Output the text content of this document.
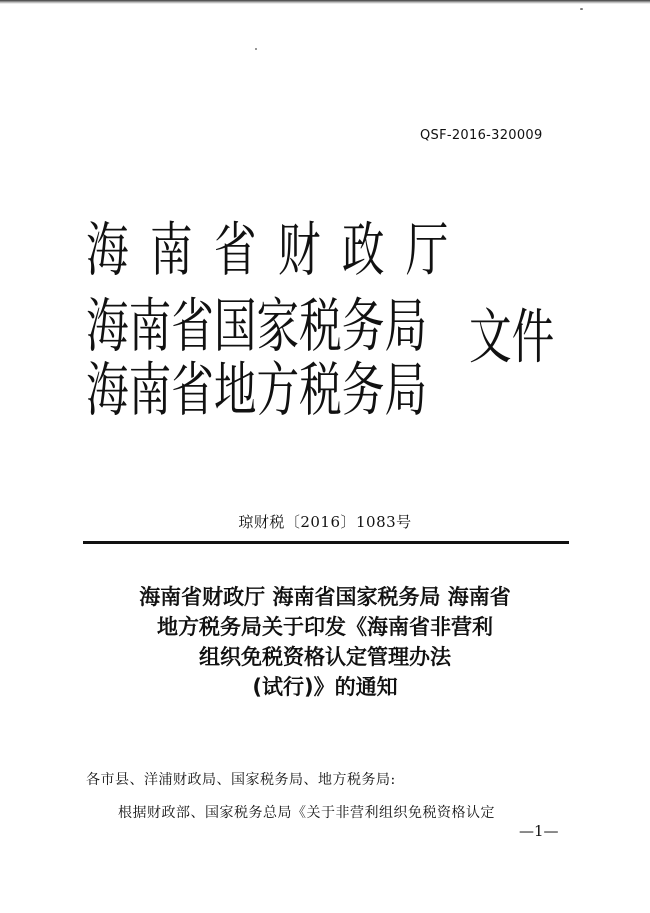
QSF-2016-320009
海南省财政厅
海南省国家税务局
海南省地方税务局
文件
琼财税〔2016〕1083号
海南省财政厅 海南省国家税务局 海南省
地方税务局关于印发《海南省非营利
组织免税资格认定管理办法
(试行)》的通知
各市县、洋浦财政局、国家税务局、地方税务局:
根据财政部、国家税务总局《关于非营利组织免税资格认定
—1—
